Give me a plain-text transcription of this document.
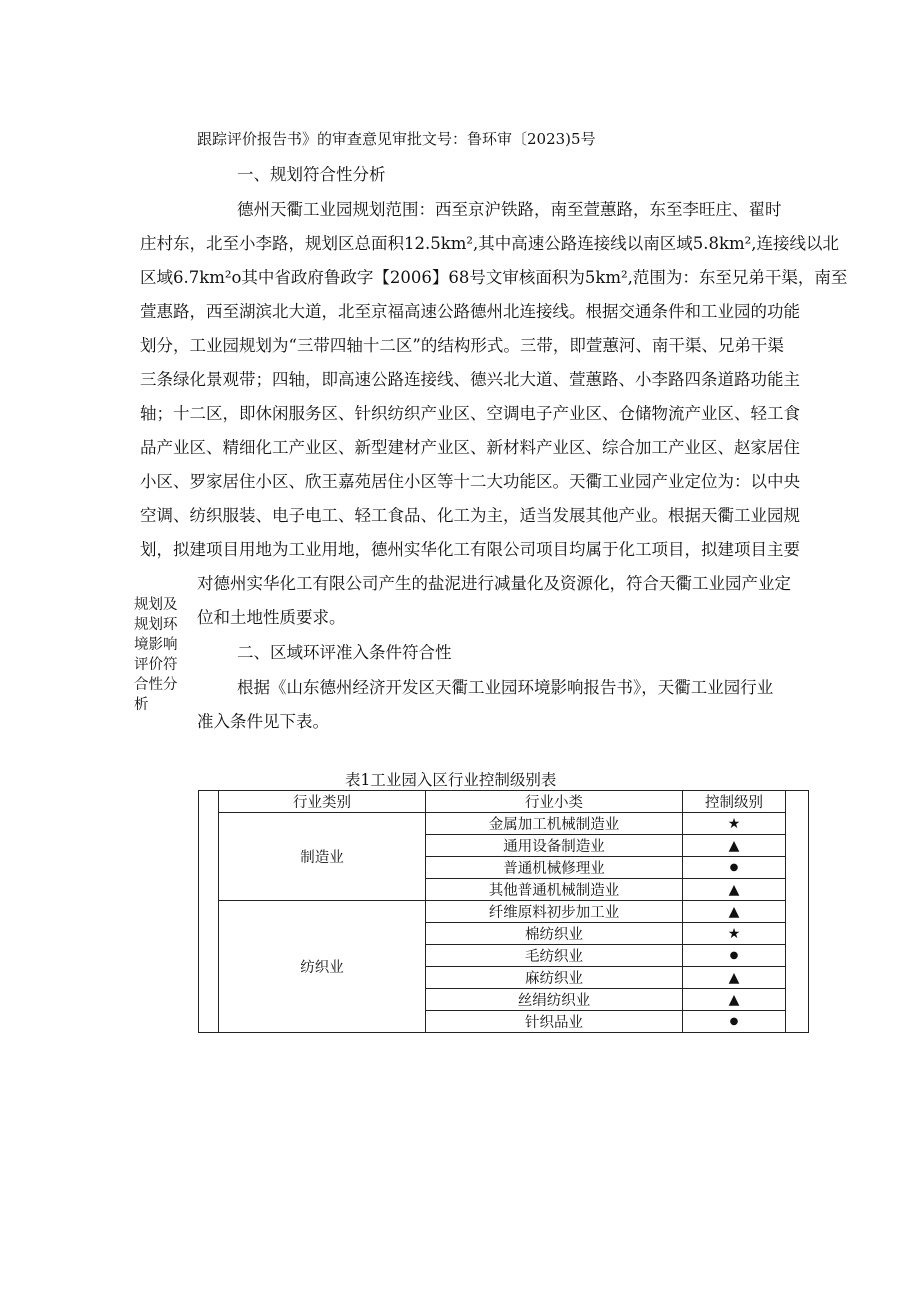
跟踪评价报告书》的审查意见审批文号：鲁环审〔2023)5号
一、规划符合性分析
德州天衢工业园规划范围：西至京沪铁路，南至萱蕙路，东至李旺庄、翟时
庄村东，北至小李路，规划区总面积12.5km²,其中高速公路连接线以南区域5.8km²,连接线以北
区域6.7km²o其中省政府鲁政字【2006】68号文审核面积为5km²,范围为：东至兄弟干渠，南至
萱惠路，西至湖滨北大道，北至京福高速公路德州北连接线。根据交通条件和工业园的功能
划分，工业园规划为“三带四轴十二区”的结构形式。三带，即萱蕙河、南干渠、兄弟干渠
三条绿化景观带；四轴，即高速公路连接线、德兴北大道、萱蕙路、小李路四条道路功能主
轴；十二区，即休闲服务区、针织纺织产业区、空调电子产业区、仓储物流产业区、轻工食
品产业区、精细化工产业区、新型建材产业区、新材料产业区、综合加工产业区、赵家居住
小区、罗家居住小区、欣王嘉苑居住小区等十二大功能区。天衢工业园产业定位为：以中央
空调、纺织服装、电子电工、轻工食品、化工为主，适当发展其他产业。根据天衢工业园规
划，拟建项目用地为工业用地，德州实华化工有限公司项目均属于化工项目，拟建项目主要
对德州实华化工有限公司产生的盐泥进行减量化及资源化，符合天衢工业园产业定
位和土地性质要求。
二、区域环评准入条件符合性
根据《山东德州经济开发区天衢工业园环境影响报告书》，天衢工业园行业
准入条件见下表。
规划及
规划环
境影响
评价符
合性分
析
表1工业园入区行业控制级别表
	行业类别	行业小类	控制级别	
	制造业	金属加工机械制造业	★	
		通用设备制造业	▲	
		普通机械修理业	●	
		其他普通机械制造业	▲	
	纺织业	纤维原料初步加工业	▲	
		棉纺织业	★	
		毛纺织业	●	
		麻纺织业	▲	
		丝绢纺织业	▲	
		针织品业	●	
